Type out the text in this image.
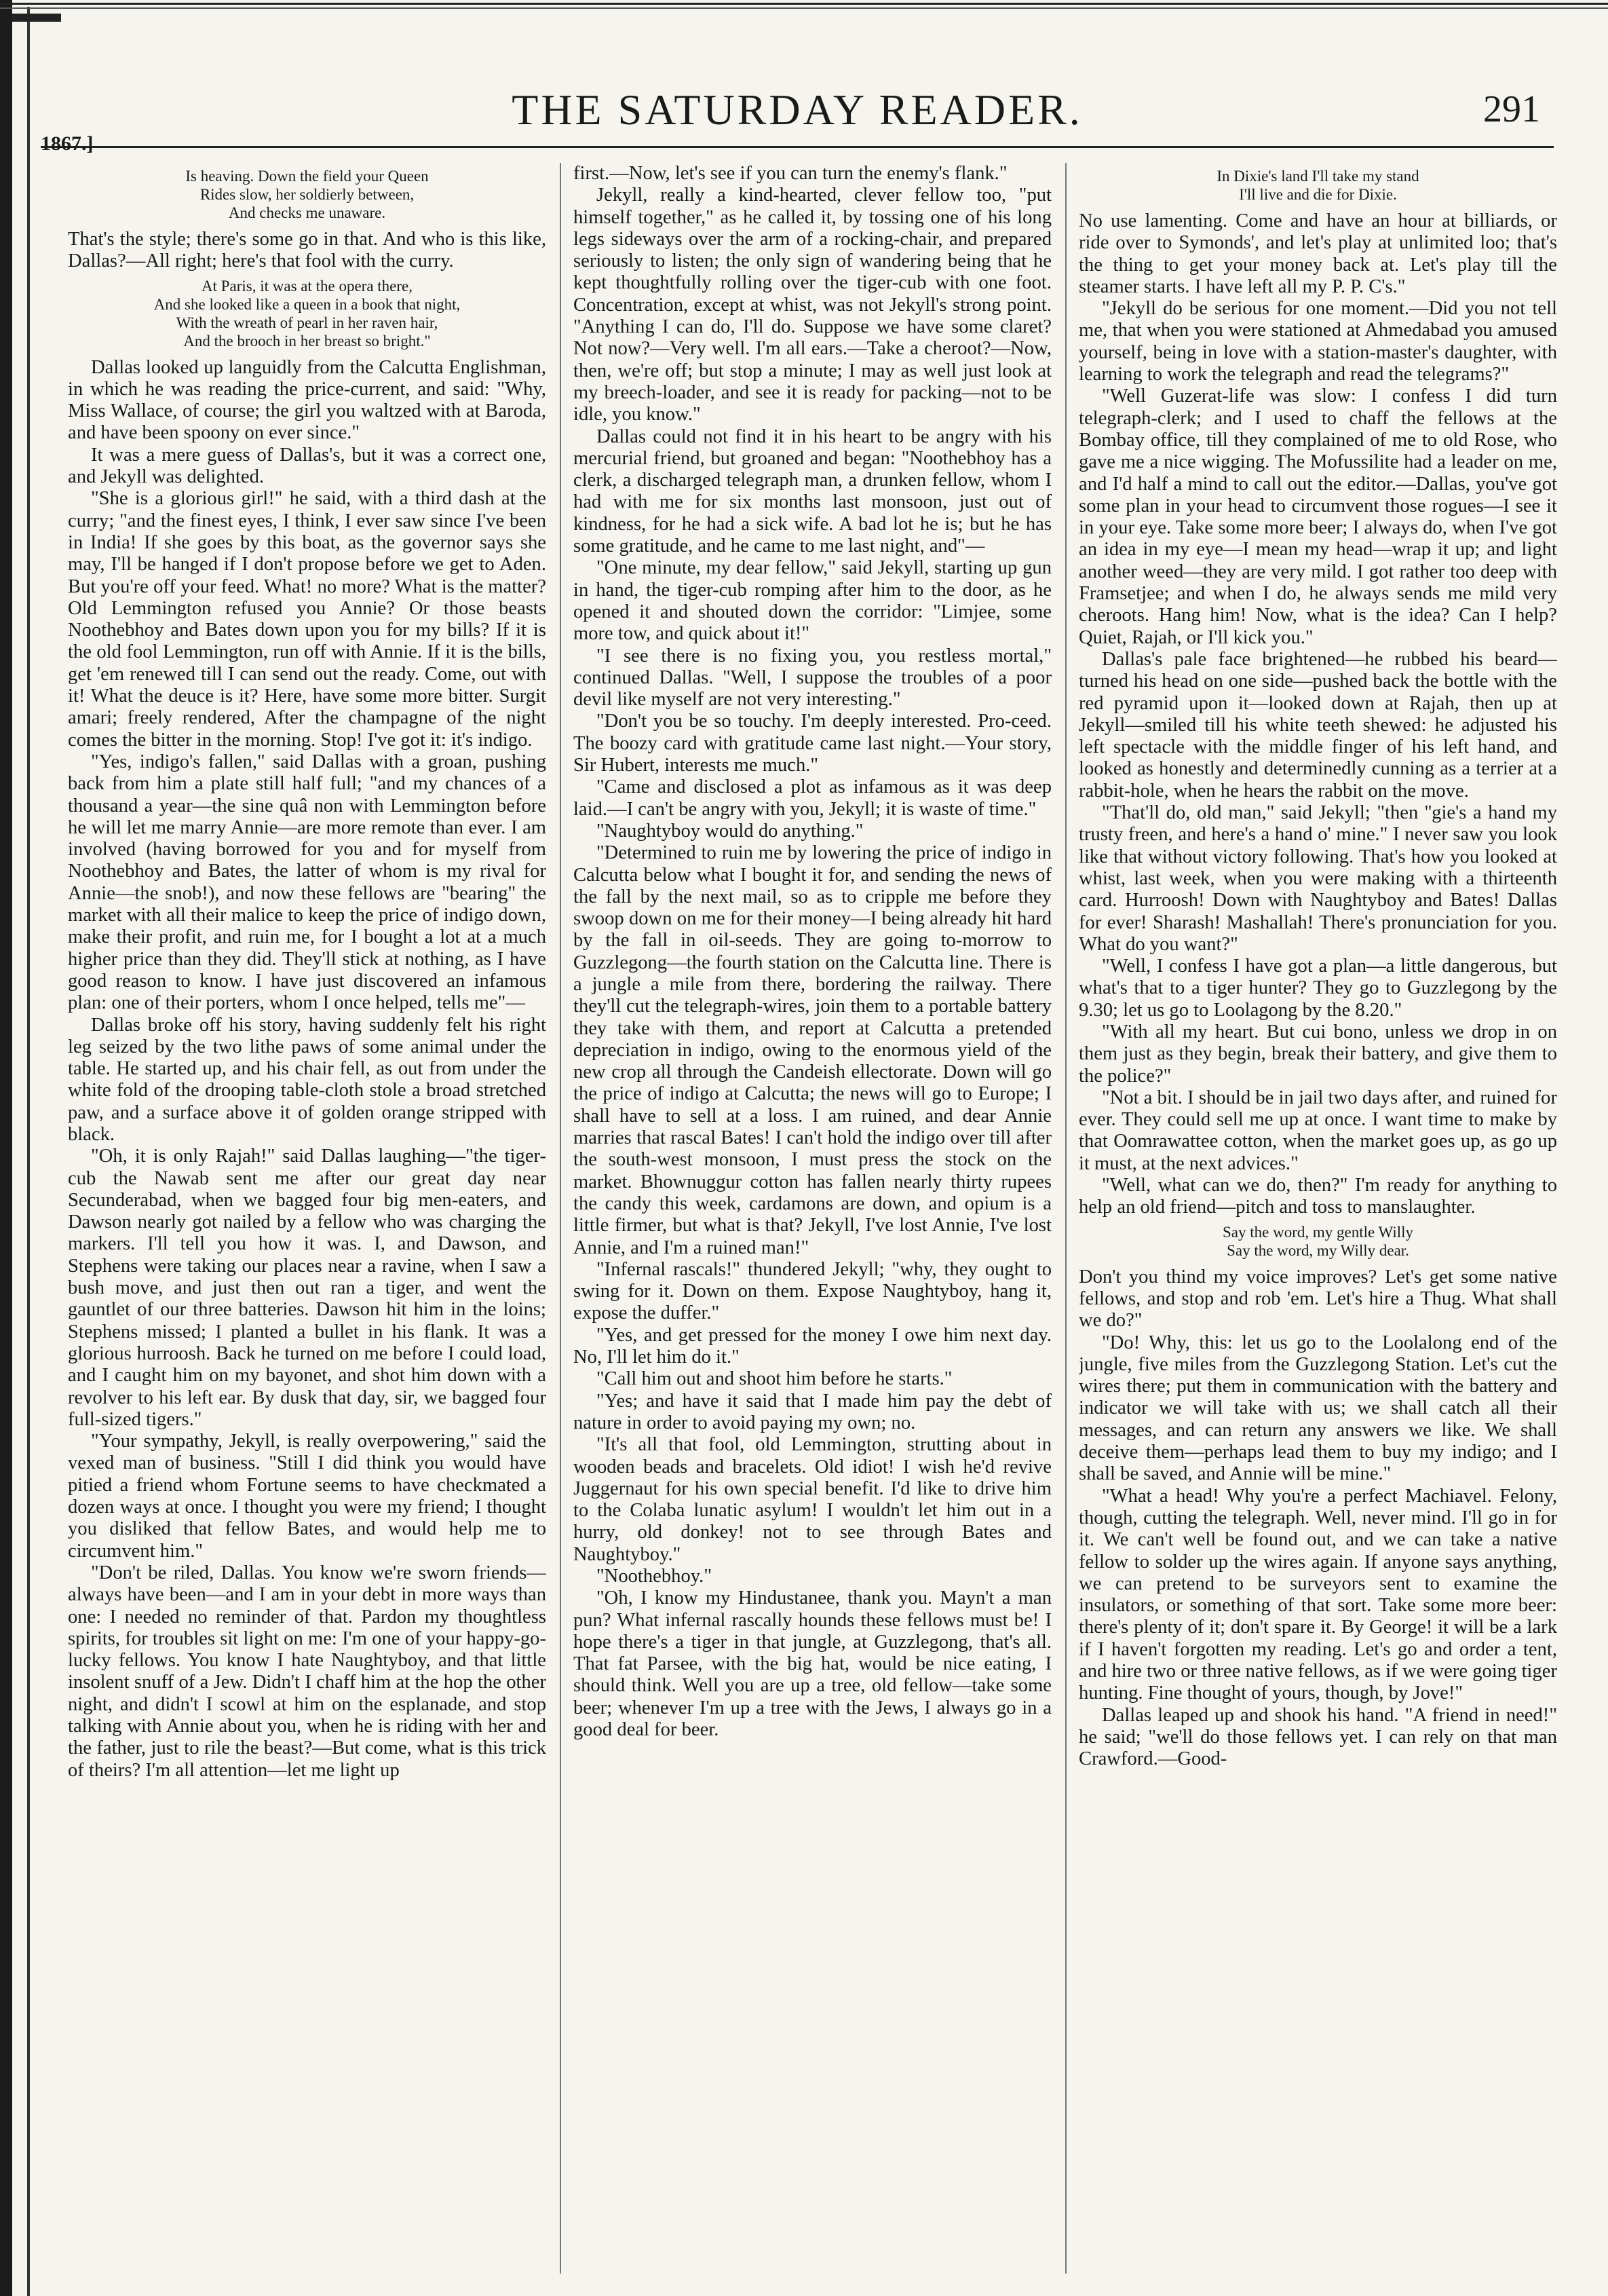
1867.]
THE SATURDAY READER.	291
Is heaving. Down the field your Queen
Rides slow, her soldierly between,
And checks me unaware.

That's the style; there's some go in that. And who is this like, Dallas?—All right; here's that fool with the curry.

At Paris, it was at the opera there,
And she looked like a queen in a book that night,
With the wreath of pearl in her raven hair,
And the brooch in her breast so bright."

Dallas looked up languidly from the Calcutta Englishman, in which he was reading the price-current, and said: "Why, Miss Wallace, of course; the girl you waltzed with at Baroda, and have been spoony on ever since."

It was a mere guess of Dallas's, but it was a correct one, and Jekyll was delighted.

"She is a glorious girl!" he said, with a third dash at the curry; "and the finest eyes, I think, I ever saw since I've been in India! If she goes by this boat, as the governor says she may, I'll be hanged if I don't propose before we get to Aden. But you're off your feed. What! no more? What is the matter? Old Lemmington refused you Annie? Or those beasts Noothebhoy and Bates down upon you for my bills? If it is the old fool Lemmington, run off with Annie. If it is the bills, get 'em renewed till I can send out the ready. Come, out with it! What the deuce is it? Here, have some more bitter. Surgit amari; freely rendered, After the champagne of the night comes the bitter in the morning. Stop! I've got it: it's indigo.

"Yes, indigo's fallen," said Dallas with a groan, pushing back from him a plate still half full; "and my chances of a thousand a year—the sine quâ non with Lemmington before he will let me marry Annie—are more remote than ever. I am involved (having borrowed for you and for myself from Noothebhoy and Bates, the latter of whom is my rival for Annie—the snob!), and now these fellows are "bearing" the market with all their malice to keep the price of indigo down, make their profit, and ruin me, for I bought a lot at a much higher price than they did. They'll stick at nothing, as I have good reason to know. I have just discovered an infamous plan: one of their porters, whom I once helped, tells me"—

Dallas broke off his story, having suddenly felt his right leg seized by the two lithe paws of some animal under the table. He started up, and his chair fell, as out from under the white fold of the drooping table-cloth stole a broad stretched paw, and a surface above it of golden orange stripped with black.

"Oh, it is only Rajah!" said Dallas laughing—"the tiger-cub the Nawab sent me after our great day near Secunderabad, when we bagged four big men-eaters, and Dawson nearly got nailed by a fellow who was charging the markers. I'll tell you how it was. I, and Dawson, and Stephens were taking our places near a ravine, when I saw a bush move, and just then out ran a tiger, and went the gauntlet of our three batteries. Dawson hit him in the loins; Stephens missed; I planted a bullet in his flank. It was a glorious hurroosh. Back he turned on me before I could load, and I caught him on my bayonet, and shot him down with a revolver to his left ear. By dusk that day, sir, we bagged four full-sized tigers."

"Your sympathy, Jekyll, is really overpowering," said the vexed man of business. "Still I did think you would have pitied a friend whom Fortune seems to have checkmated a dozen ways at once. I thought you were my friend; I thought you disliked that fellow Bates, and would help me to circumvent him."

"Don't be riled, Dallas. You know we're sworn friends—always have been—and I am in your debt in more ways than one: I needed no reminder of that. Pardon my thoughtless spirits, for troubles sit light on me: I'm one of your happy-go-lucky fellows. You know I hate Naughtyboy, and that little insolent snuff of a Jew. Didn't I chaff him at the hop the other night, and didn't I scowl at him on the esplanade, and stop talking with Annie about you, when he is riding with her and the father, just to rile the beast?—But come, what is this trick of theirs? I'm all attention—let me light up

first.—Now, let's see if you can turn the enemy's flank."

Jekyll, really a kind-hearted, clever fellow too, "put himself together," as he called it, by tossing one of his long legs sideways over the arm of a rocking-chair, and prepared seriously to listen; the only sign of wandering being that he kept thoughtfully rolling over the tiger-cub with one foot. Concentration, except at whist, was not Jekyll's strong point. "Anything I can do, I'll do. Suppose we have some claret? Not now?—Very well. I'm all ears.—Take a cheroot?—Now, then, we're off; but stop a minute; I may as well just look at my breech-loader, and see it is ready for packing—not to be idle, you know."

Dallas could not find it in his heart to be angry with his mercurial friend, but groaned and began: "Noothebhoy has a clerk, a discharged telegraph man, a drunken fellow, whom I had with me for six months last monsoon, just out of kindness, for he had a sick wife. A bad lot he is; but he has some gratitude, and he came to me last night, and"—

"One minute, my dear fellow," said Jekyll, starting up gun in hand, the tiger-cub romping after him to the door, as he opened it and shouted down the corridor: "Limjee, some more tow, and quick about it!"

"I see there is no fixing you, you restless mortal," continued Dallas. "Well, I suppose the troubles of a poor devil like myself are not very interesting."

"Don't you be so touchy. I'm deeply interested. Pro-ceed. The boozy card with gratitude came last night.—Your story, Sir Hubert, interests me much."

"Came and disclosed a plot as infamous as it was deep laid.—I can't be angry with you, Jekyll; it is waste of time."

"Naughtyboy would do anything."

"Determined to ruin me by lowering the price of indigo in Calcutta below what I bought it for, and sending the news of the fall by the next mail, so as to cripple me before they swoop down on me for their money—I being already hit hard by the fall in oil-seeds. They are going to-morrow to Guzzlegong—the fourth station on the Calcutta line. There is a jungle a mile from there, bordering the railway. There they'll cut the telegraph-wires, join them to a portable battery they take with them, and report at Calcutta a pretended depreciation in indigo, owing to the enormous yield of the new crop all through the Candeish ellectorate. Down will go the price of indigo at Calcutta; the news will go to Europe; I shall have to sell at a loss. I am ruined, and dear Annie marries that rascal Bates! I can't hold the indigo over till after the south-west monsoon, I must press the stock on the market. Bhownuggur cotton has fallen nearly thirty rupees the candy this week, cardamons are down, and opium is a little firmer, but what is that? Jekyll, I've lost Annie, I've lost Annie, and I'm a ruined man!"

"Infernal rascals!" thundered Jekyll; "why, they ought to swing for it. Down on them. Expose Naughtyboy, hang it, expose the duffer."

"Yes, and get pressed for the money I owe him next day. No, I'll let him do it."

"Call him out and shoot him before he starts."

"Yes; and have it said that I made him pay the debt of nature in order to avoid paying my own; no.

"It's all that fool, old Lemmington, strutting about in wooden beads and bracelets. Old idiot! I wish he'd revive Juggernaut for his own special benefit. I'd like to drive him to the Colaba lunatic asylum! I wouldn't let him out in a hurry, old donkey! not to see through Bates and Naughtyboy."

"Noothebhoy."

"Oh, I know my Hindustanee, thank you. Mayn't a man pun? What infernal rascally hounds these fellows must be! I hope there's a tiger in that jungle, at Guzzlegong, that's all. That fat Parsee, with the big hat, would be nice eating, I should think. Well you are up a tree, old fellow—take some beer; whenever I'm up a tree with the Jews, I always go in a good deal for beer.

In Dixie's land I'll take my stand
I'll live and die for Dixie.

No use lamenting. Come and have an hour at billiards, or ride over to Symonds', and let's play at unlimited loo; that's the thing to get your money back at. Let's play till the steamer starts. I have left all my P. P. C's."

"Jekyll do be serious for one moment.—Did you not tell me, that when you were stationed at Ahmedabad you amused yourself, being in love with a station-master's daughter, with learning to work the telegraph and read the telegrams?"

"Well Guzerat-life was slow: I confess I did turn telegraph-clerk; and I used to chaff the fellows at the Bombay office, till they complained of me to old Rose, who gave me a nice wigging. The Mofussilite had a leader on me, and I'd half a mind to call out the editor.—Dallas, you've got some plan in your head to circumvent those rogues—I see it in your eye. Take some more beer; I always do, when I've got an idea in my eye—I mean my head—wrap it up; and light another weed—they are very mild. I got rather too deep with Framsetjee; and when I do, he always sends me mild very cheroots. Hang him! Now, what is the idea? Can I help? Quiet, Rajah, or I'll kick you."

Dallas's pale face brightened—he rubbed his beard—turned his head on one side—pushed back the bottle with the red pyramid upon it—looked down at Rajah, then up at Jekyll—smiled till his white teeth shewed: he adjusted his left spectacle with the middle finger of his left hand, and looked as honestly and determinedly cunning as a terrier at a rabbit-hole, when he hears the rabbit on the move.

"That'll do, old man," said Jekyll; "then ''gie's a hand my trusty freen, and here's a hand o' mine." I never saw you look like that without victory following. That's how you looked at whist, last week, when you were making with a thirteenth card. Hurroosh! Down with Naughtyboy and Bates! Dallas for ever! Sharash! Mashallah! There's pronunciation for you. What do you want?"

"Well, I confess I have got a plan—a little dangerous, but what's that to a tiger hunter? They go to Guzzlegong by the 9.30; let us go to Loolagong by the 8.20."

"With all my heart. But cui bono, unless we drop in on them just as they begin, break their battery, and give them to the police?"

"Not a bit. I should be in jail two days after, and ruined for ever. They could sell me up at once. I want time to make by that Oomrawattee cotton, when the market goes up, as go up it must, at the next advices."

"Well, what can we do, then?" I'm ready for anything to help an old friend—pitch and toss to manslaughter.

Say the word, my gentle Willy
Say the word, my Willy dear.

Don't you thind my voice improves? Let's get some native fellows, and stop and rob 'em. Let's hire a Thug. What shall we do?"

"Do! Why, this: let us go to the Loolalong end of the jungle, five miles from the Guzzlegong Station. Let's cut the wires there; put them in communication with the battery and indicator we will take with us; we shall catch all their messages, and can return any answers we like. We shall deceive them—perhaps lead them to buy my indigo; and I shall be saved, and Annie will be mine."

"What a head! Why you're a perfect Machiavel. Felony, though, cutting the telegraph. Well, never mind. I'll go in for it. We can't well be found out, and we can take a native fellow to solder up the wires again. If anyone says anything, we can pretend to be surveyors sent to examine the insulators, or something of that sort. Take some more beer: there's plenty of it; don't spare it. By George! it will be a lark if I haven't forgotten my reading. Let's go and order a tent, and hire two or three native fellows, as if we were going tiger hunting. Fine thought of yours, though, by Jove!"

Dallas leaped up and shook his hand. "A friend in need!" he said; "we'll do those fellows yet. I can rely on that man Crawford.—Good-
